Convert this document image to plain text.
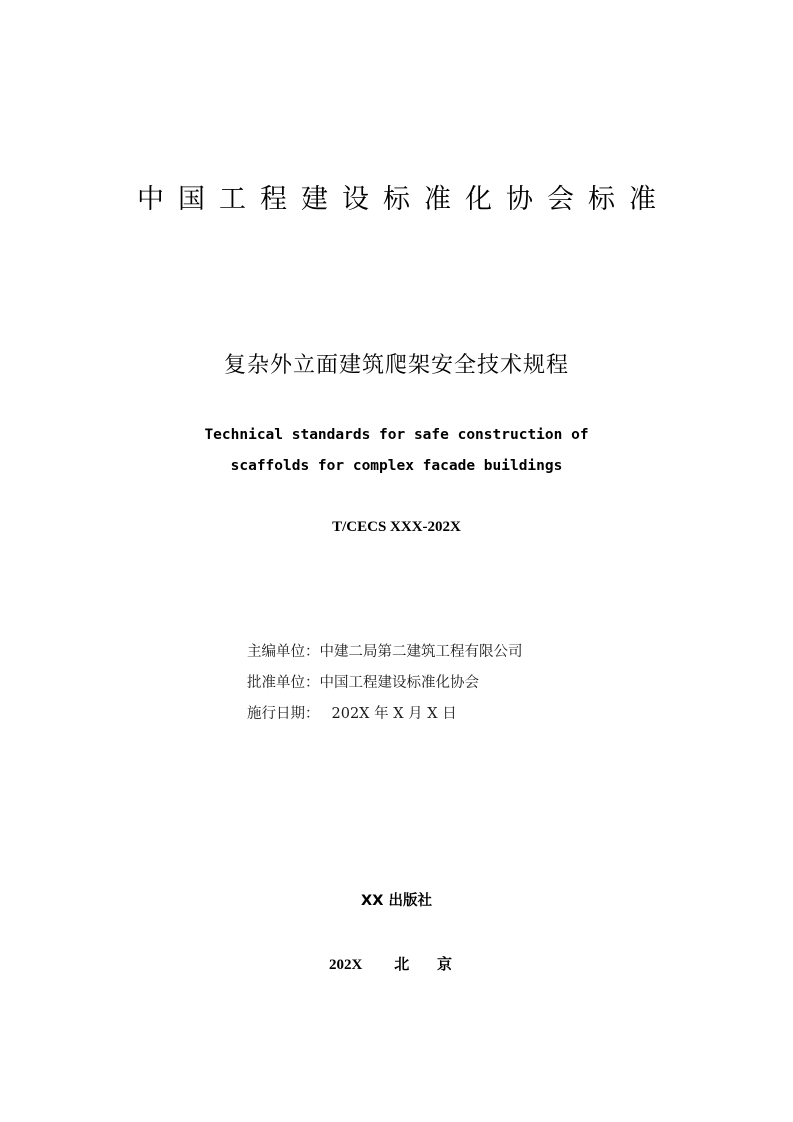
中国工程建设标准化协会标准
复杂外立面建筑爬架安全技术规程
Technical standards for safe construction of
scaffolds for complex facade buildings
T/CECS XXX-202X
主编单位：中建二局第二建筑工程有限公司
批准单位：中国工程建设标准化协会
施行日期： 202X 年 X 月 X 日
XX 出版社
202X 北 京
